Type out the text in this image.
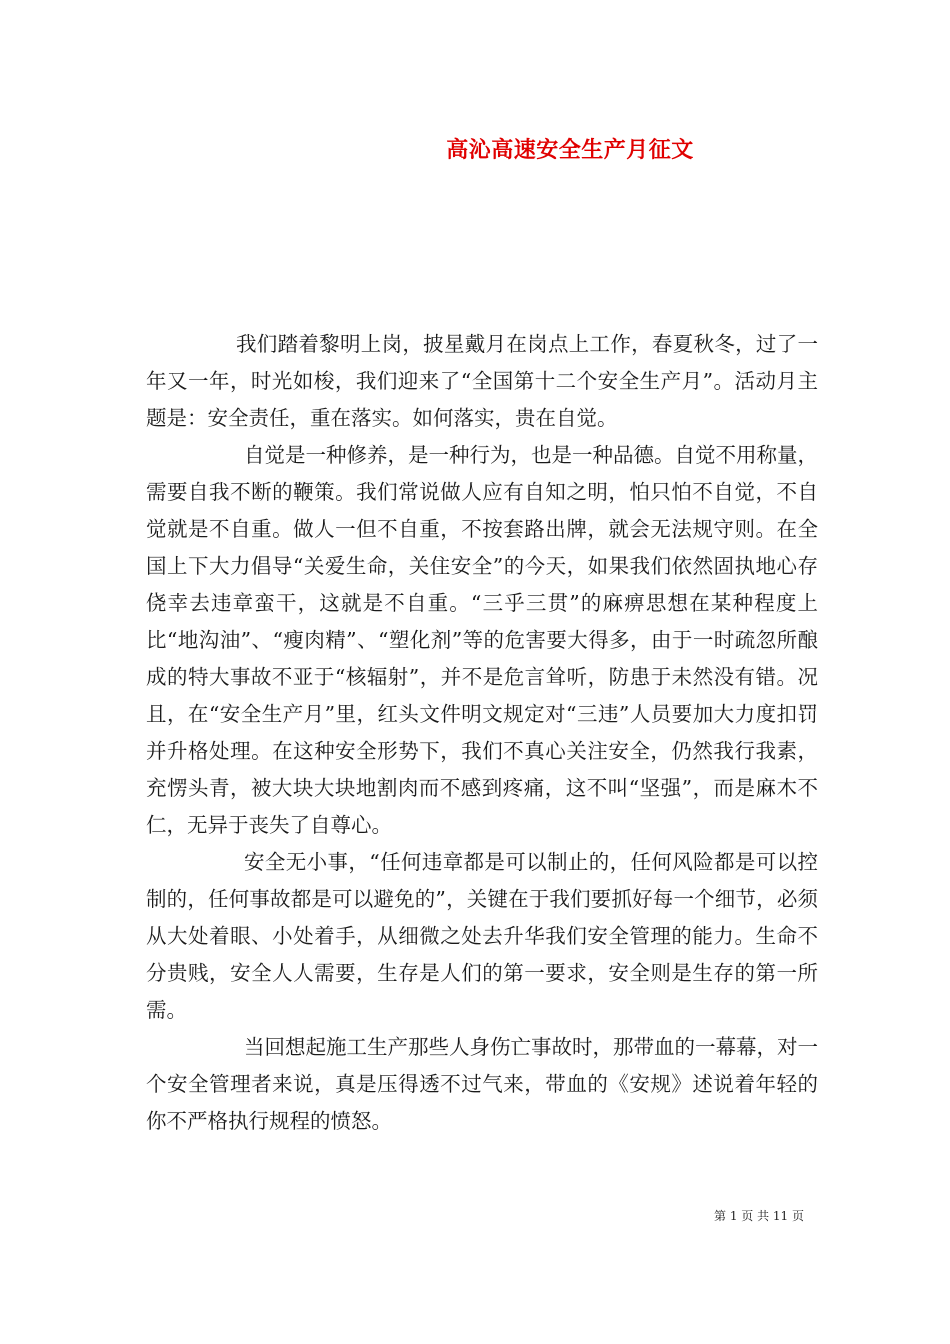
高沁高速安全生产月征文

我们踏着黎明上岗，披星戴月在岗点上工作，春夏秋冬，过了一年又一年，时光如梭，我们迎来了“全国第十二个安全生产月”。活动月主题是：安全责任，重在落实。如何落实，贵在自觉。

自觉是一种修养，是一种行为，也是一种品德。自觉不用称量，需要自我不断的鞭策。我们常说做人应有自知之明，怕只怕不自觉，不自觉就是不自重。做人一但不自重，不按套路出牌，就会无法规守则。在全国上下大力倡导“关爱生命，关住安全”的今天，如果我们依然固执地心存侥幸去违章蛮干，这就是不自重。“三乎三贯”的麻痹思想在某种程度上比“地沟油”、“瘦肉精”、“塑化剂”等的危害要大得多，由于一时疏忽所酿成的特大事故不亚于“核辐射”，并不是危言耸听，防患于未然没有错。况且，在“安全生产月”里，红头文件明文规定对“三违”人员要加大力度扣罚并升格处理。在这种安全形势下，我们不真心关注安全，仍然我行我素，充愣头青，被大块大块地割肉而不感到疼痛，这不叫“坚强”，而是麻木不仁，无异于丧失了自尊心。

安全无小事，“任何违章都是可以制止的，任何风险都是可以控制的，任何事故都是可以避免的”，关键在于我们要抓好每一个细节，必须从大处着眼、小处着手，从细微之处去升华我们安全管理的能力。生命不分贵贱，安全人人需要，生存是人们的第一要求，安全则是生存的第一所需。

当回想起施工生产那些人身伤亡事故时，那带血的一幕幕，对一个安全管理者来说，真是压得透不过气来，带血的《安规》述说着年轻的你不严格执行规程的愤怒。

第 1 页 共 11 页
